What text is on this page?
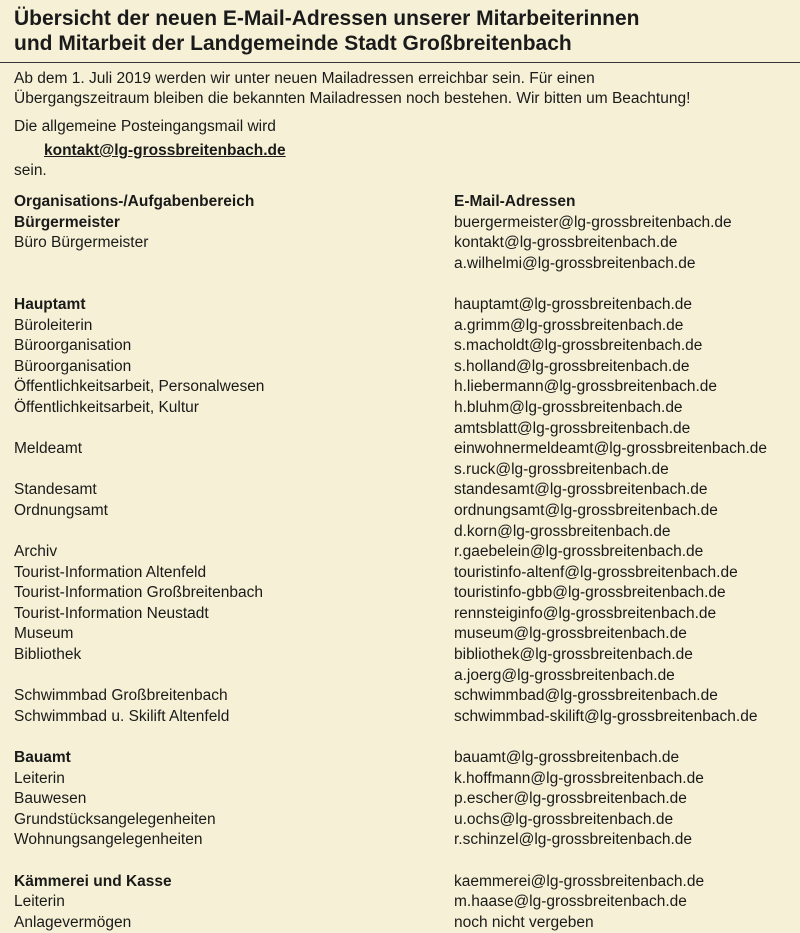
Übersicht der neuen E-Mail-Adressen unserer Mitarbeiterinnen
und Mitarbeit der Landgemeinde Stadt Großbreitenbach

Ab dem 1. Juli 2019 werden wir unter neuen Mailadressen erreichbar sein. Für einen

Übergangszeitraum bleiben die bekannten Mailadressen noch bestehen. Wir bitten um Beachtung!

Die allgemeine Posteingangsmail wird

kontakt@lg-grossbreitenbach.de

sein.

Organisations-/Aufgabenbereich	E-Mail-Adressen
Bürgermeister	buergermeister@lg-grossbreitenbach.de
Büro Bürgermeister	kontakt@lg-grossbreitenbach.de
	a.wilhelmi@lg-grossbreitenbach.de

Hauptamt	hauptamt@lg-grossbreitenbach.de
Büroleiterin	a.grimm@lg-grossbreitenbach.de
Büroorganisation	s.macholdt@lg-grossbreitenbach.de
Büroorganisation	s.holland@lg-grossbreitenbach.de
Öffentlichkeitsarbeit, Personalwesen	h.liebermann@lg-grossbreitenbach.de
Öffentlichkeitsarbeit, Kultur	h.bluhm@lg-grossbreitenbach.de
	amtsblatt@lg-grossbreitenbach.de
Meldeamt	einwohnermeldeamt@lg-grossbreitenbach.de
	s.ruck@lg-grossbreitenbach.de
Standesamt	standesamt@lg-grossbreitenbach.de
Ordnungsamt	ordnungsamt@lg-grossbreitenbach.de
	d.korn@lg-grossbreitenbach.de
Archiv	r.gaebelein@lg-grossbreitenbach.de
Tourist-Information Altenfeld	touristinfo-altenf@lg-grossbreitenbach.de
Tourist-Information Großbreitenbach	touristinfo-gbb@lg-grossbreitenbach.de
Tourist-Information Neustadt	rennsteiginfo@lg-grossbreitenbach.de
Museum	museum@lg-grossbreitenbach.de
Bibliothek	bibliothek@lg-grossbreitenbach.de
	a.joerg@lg-grossbreitenbach.de
Schwimmbad Großbreitenbach	schwimmbad@lg-grossbreitenbach.de
Schwimmbad u. Skilift Altenfeld	schwimmbad-skilift@lg-grossbreitenbach.de

Bauamt	bauamt@lg-grossbreitenbach.de
Leiterin	k.hoffmann@lg-grossbreitenbach.de
Bauwesen	p.escher@lg-grossbreitenbach.de
Grundstücksangelegenheiten	u.ochs@lg-grossbreitenbach.de
Wohnungsangelegenheiten	r.schinzel@lg-grossbreitenbach.de

Kämmerei und Kasse	kaemmerei@lg-grossbreitenbach.de
Leiterin	m.haase@lg-grossbreitenbach.de
Anlagevermögen	noch nicht vergeben
